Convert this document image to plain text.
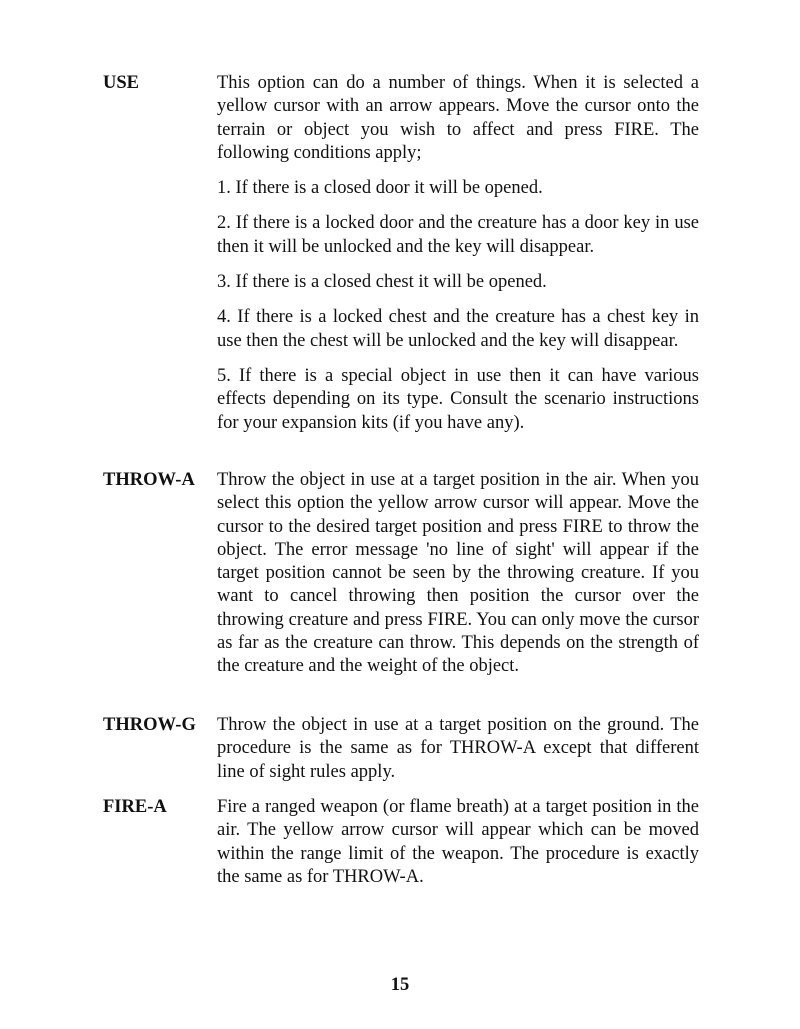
USE	This option can do a number of things. When it is selected a yellow cursor with an arrow appears. Move the cursor onto the terrain or object you wish to affect and press FIRE. The following conditions apply;

1. If there is a closed door it will be opened.

2. If there is a locked door and the creature has a door key in use then it will be unlocked and the key will disappear.

3. If there is a closed chest it will be opened.

4. If there is a locked chest and the creature has a chest key in use then the chest will be unlocked and the key will disappear.

5. If there is a special object in use then it can have various effects depending on its type. Consult the scenario instructions for your expansion kits (if you have any).

THROW-A Throw the object in use at a target position in the air. When you select this option the yellow arrow cursor will appear. Move the cursor to the desired target position and press FIRE to throw the object. The error message 'no line of sight' will appear if the target position cannot be seen by the throwing creature. If you want to cancel throwing then position the cursor over the throwing creature and press FIRE. You can only move the cursor as far as the creature can throw. This depends on the strength of the creature and the weight of the object.

THROW-G Throw the object in use at a target position on the ground. The procedure is the same as for THROW-A except that different line of sight rules apply.

FIRE-A	Fire a ranged weapon (or flame breath) at a target position in the air. The yellow arrow cursor will appear which can be moved within the range limit of the weapon. The procedure is exactly the same as for THROW-A.

15
